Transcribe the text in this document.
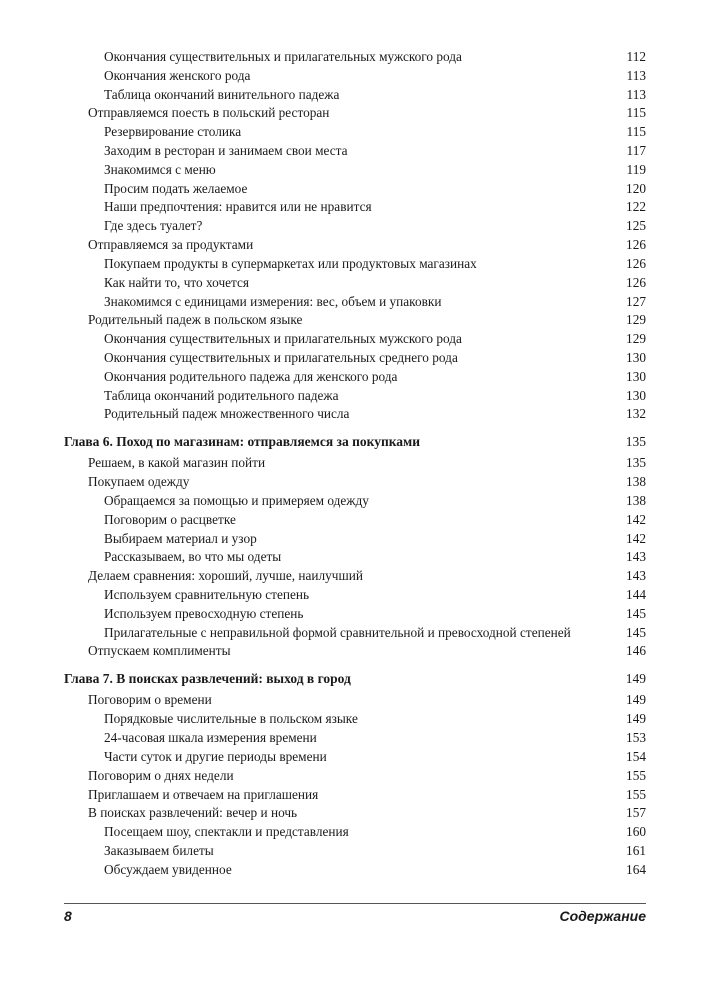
Окончания существительных и прилагательных мужского рода	112
Окончания женского рода	113
Таблица окончаний винительного падежа	113
Отправляемся поесть в польский ресторан	115
Резервирование столика	115
Заходим в ресторан и занимаем свои места	117
Знакомимся с меню	119
Просим подать желаемое	120
Наши предпочтения: нравится или не нравится	122
Где здесь туалет?	125
Отправляемся за продуктами	126
Покупаем продукты в супермаркетах или продуктовых магазинах	126
Как найти то, что хочется	126
Знакомимся с единицами измерения: вес, объем и упаковки	127
Родительный падеж в польском языке	129
Окончания существительных и прилагательных мужского рода	129
Окончания существительных и прилагательных среднего рода	130
Окончания родительного падежа для женского рода	130
Таблица окончаний родительного падежа	130
Родительный падеж множественного числа	132
Глава 6. Поход по магазинам: отправляемся за покупками	135
Решаем, в какой магазин пойти	135
Покупаем одежду	138
Обращаемся за помощью и примеряем одежду	138
Поговорим о расцветке	142
Выбираем материал и узор	142
Рассказываем, во что мы одеты	143
Делаем сравнения: хороший, лучше, наилучший	143
Используем сравнительную степень	144
Используем превосходную степень	145
Прилагательные с неправильной формой сравнительной и превосходной степеней	145
Отпускаем комплименты	146
Глава 7. В поисках развлечений: выход в город	149
Поговорим о времени	149
Порядковые числительные в польском языке	149
24-часовая шкала измерения времени	153
Части суток и другие периоды времени	154
Поговорим о днях недели	155
Приглашаем и отвечаем на приглашения	155
В поисках развлечений: вечер и ночь	157
Посещаем шоу, спектакли и представления	160
Заказываем билеты	161
Обсуждаем увиденное	164
8	Содержание
